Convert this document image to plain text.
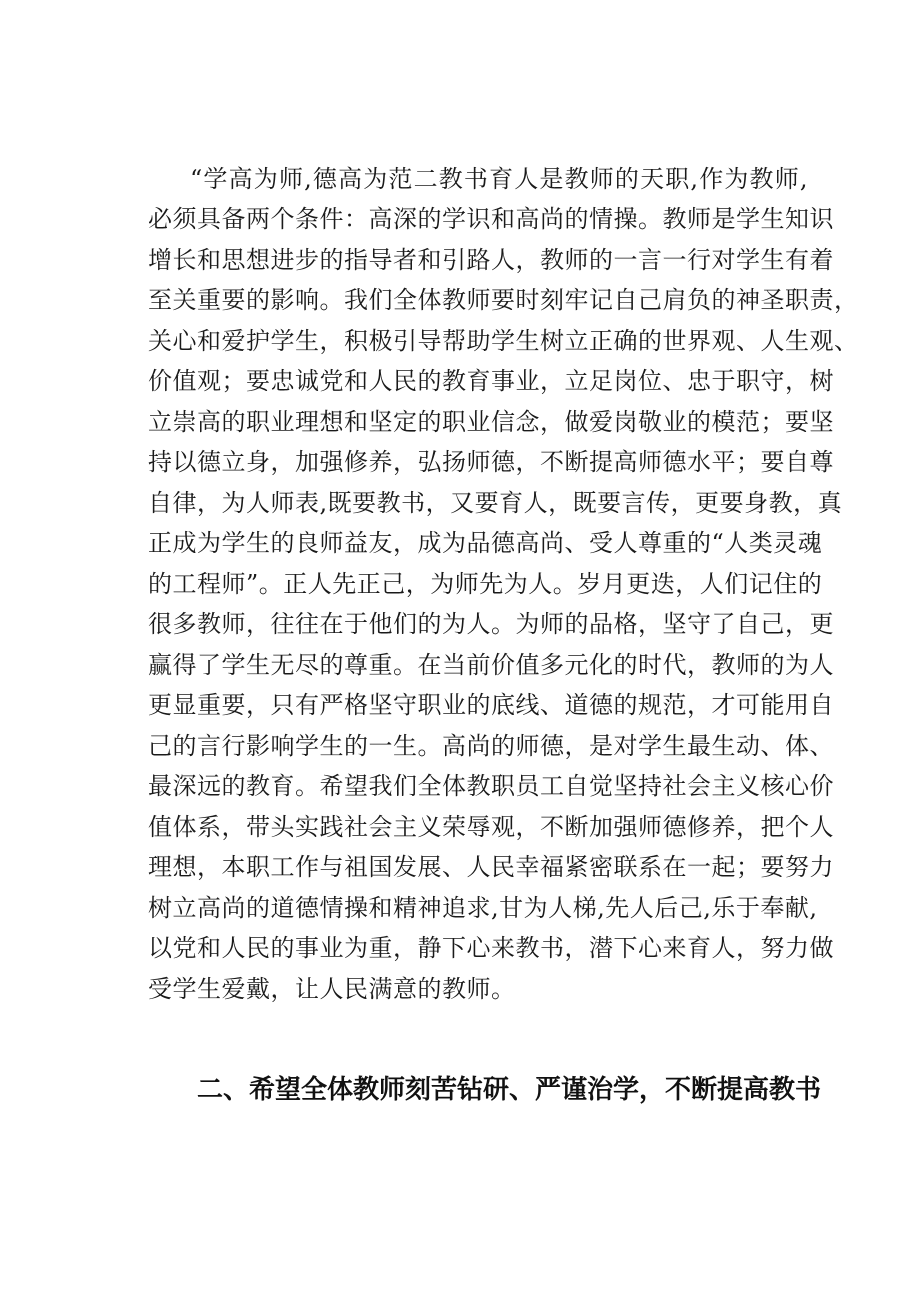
“学高为师,德高为范二教书育人是教师的天职,作为教师,
必须具备两个条件：高深的学识和高尚的情操。教师是学生知识
增长和思想进步的指导者和引路人，教师的一言一行对学生有着
至关重要的影响。我们全体教师要时刻牢记自己肩负的神圣职责，
关心和爱护学生，积极引导帮助学生树立正确的世界观、人生观、
价值观；要忠诚党和人民的教育事业，立足岗位、忠于职守，树
立崇高的职业理想和坚定的职业信念，做爱岗敬业的模范；要坚
持以德立身，加强修养，弘扬师德，不断提高师德水平；要自尊
自律，为人师表,既要教书，又要育人，既要言传，更要身教，真
正成为学生的良师益友，成为品德高尚、受人尊重的“人类灵魂
的工程师”。正人先正己，为师先为人。岁月更迭，人们记住的
很多教师，往往在于他们的为人。为师的品格，坚守了自己，更
赢得了学生无尽的尊重。在当前价值多元化的时代，教师的为人
更显重要，只有严格坚守职业的底线、道德的规范，才可能用自
己的言行影响学生的一生。高尚的师德，是对学生最生动、体、
最深远的教育。希望我们全体教职员工自觉坚持社会主义核心价
值体系，带头实践社会主义荣辱观，不断加强师德修养，把个人
理想，本职工作与祖国发展、人民幸福紧密联系在一起；要努力
树立高尚的道德情操和精神追求,甘为人梯,先人后己,乐于奉献,
以党和人民的事业为重，静下心来教书，潜下心来育人，努力做
受学生爱戴，让人民满意的教师。
二、希望全体教师刻苦钻研、严谨治学，不断提高教书
